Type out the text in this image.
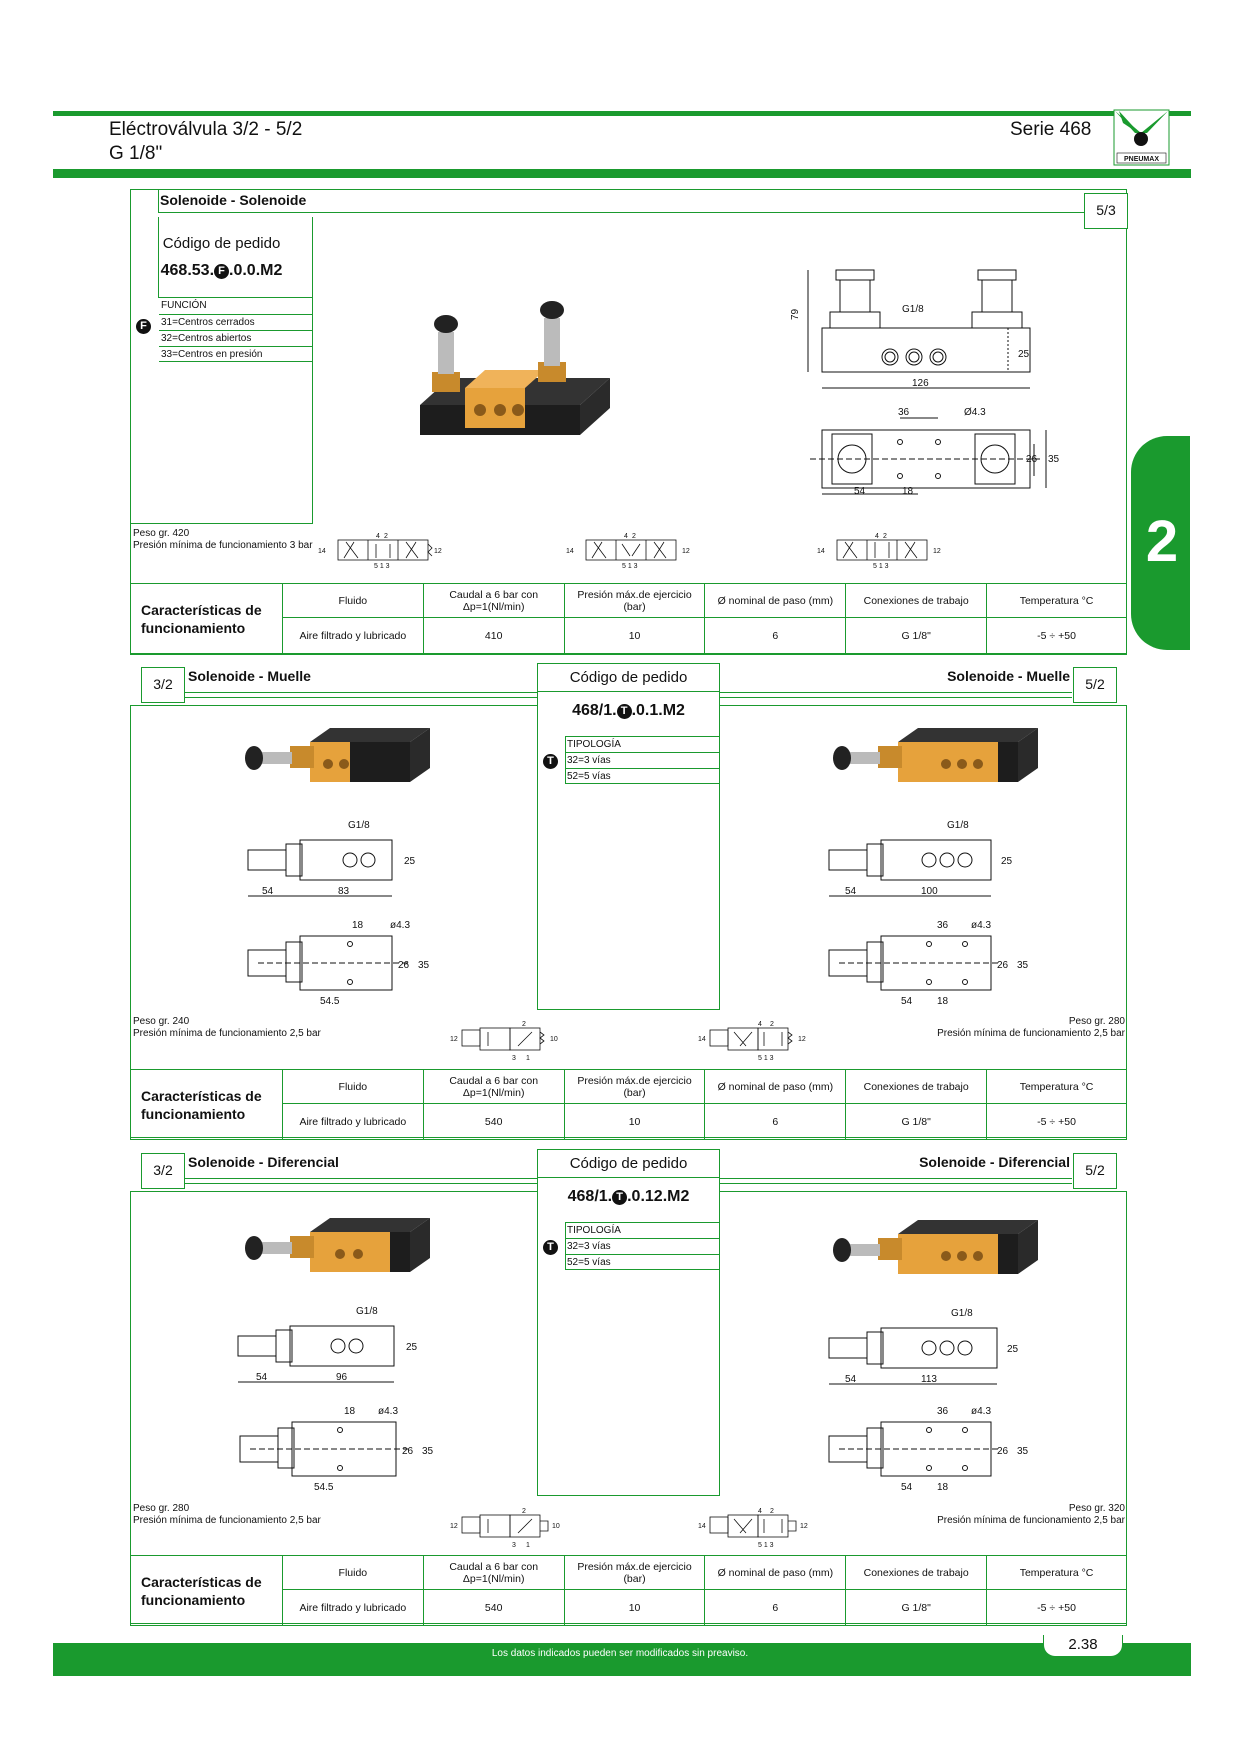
Eléctroválvula 3/2 - 5/2
G 1/8"
Serie 468
PNEUMAX
2
Solenoide - Solenoide
5/3
Código de pedido
468.53. F .0.0.M2
FUNCIÓN
31=Centros cerrados
32=Centros abiertos
33=Centros en presión
F
79	G1/8
25
126
36	Ø4.3
54	18
26 35
Peso gr. 420
Presión mínima de funcionamiento 3 bar
14	12
4 2
5 1 3
14	12
4 2
5 1 3
14	12
4 2
5 1 3
Características de funcionamiento	Fluido	Caudal a 6 bar con Δp=1(Nl/min)	Presión máx.de ejercicio (bar)	Ø nominal de paso (mm)	Conexiones de trabajo	Temperatura °C
	Aire filtrado y lubricado	410	10	6	G 1/8"	-5 ÷ +50
3/2	5/2
Solenoide - Muelle	Solenoide - Muelle
Código de pedido
468/1. T .0.1.M2
TIPOLOGÍA
32=3 vías
52=5 vías
T
G1/8
25
54	83
18	ø4.3
26 35
54.5
G1/8
25
54	100
36 ø4.3
26 35
54 18
Peso gr. 240
Presión mínima de funcionamiento 2,5 bar
Peso gr. 280
Presión mínima de funcionamiento 2,5 bar
12	10
2
3 1
14	12
4 2
5 1 3
Características de funcionamiento	Fluido	Caudal a 6 bar con Δp=1(Nl/min)	Presión máx.de ejercicio (bar)	Ø nominal de paso (mm)	Conexiones de trabajo	Temperatura °C
	Aire filtrado y lubricado	540	10	6	G 1/8"	-5 ÷ +50
3/2	5/2
Solenoide - Diferencial	Solenoide - Diferencial
Código de pedido
468/1. T .0.12.M2
TIPOLOGÍA
32=3 vías
52=5 vías
T
G1/8
25
54	96
18 ø4.3
26 35
54.5
G1/8
25
54	113
36 ø4.3
26 35
54 18
Peso gr. 280
Presión mínima de funcionamiento 2,5 bar
Peso gr. 320
Presión mínima de funcionamiento 2,5 bar
12	10
2
3 1
14	12
4 2
5 1 3
Características de funcionamiento	Fluido	Caudal a 6 bar con Δp=1(Nl/min)	Presión máx.de ejercicio (bar)	Ø nominal de paso (mm)	Conexiones de trabajo	Temperatura °C
	Aire filtrado y lubricado	540	10	6	G 1/8"	-5 ÷ +50
Los datos indicados pueden ser modificados sin preaviso.
2.38
